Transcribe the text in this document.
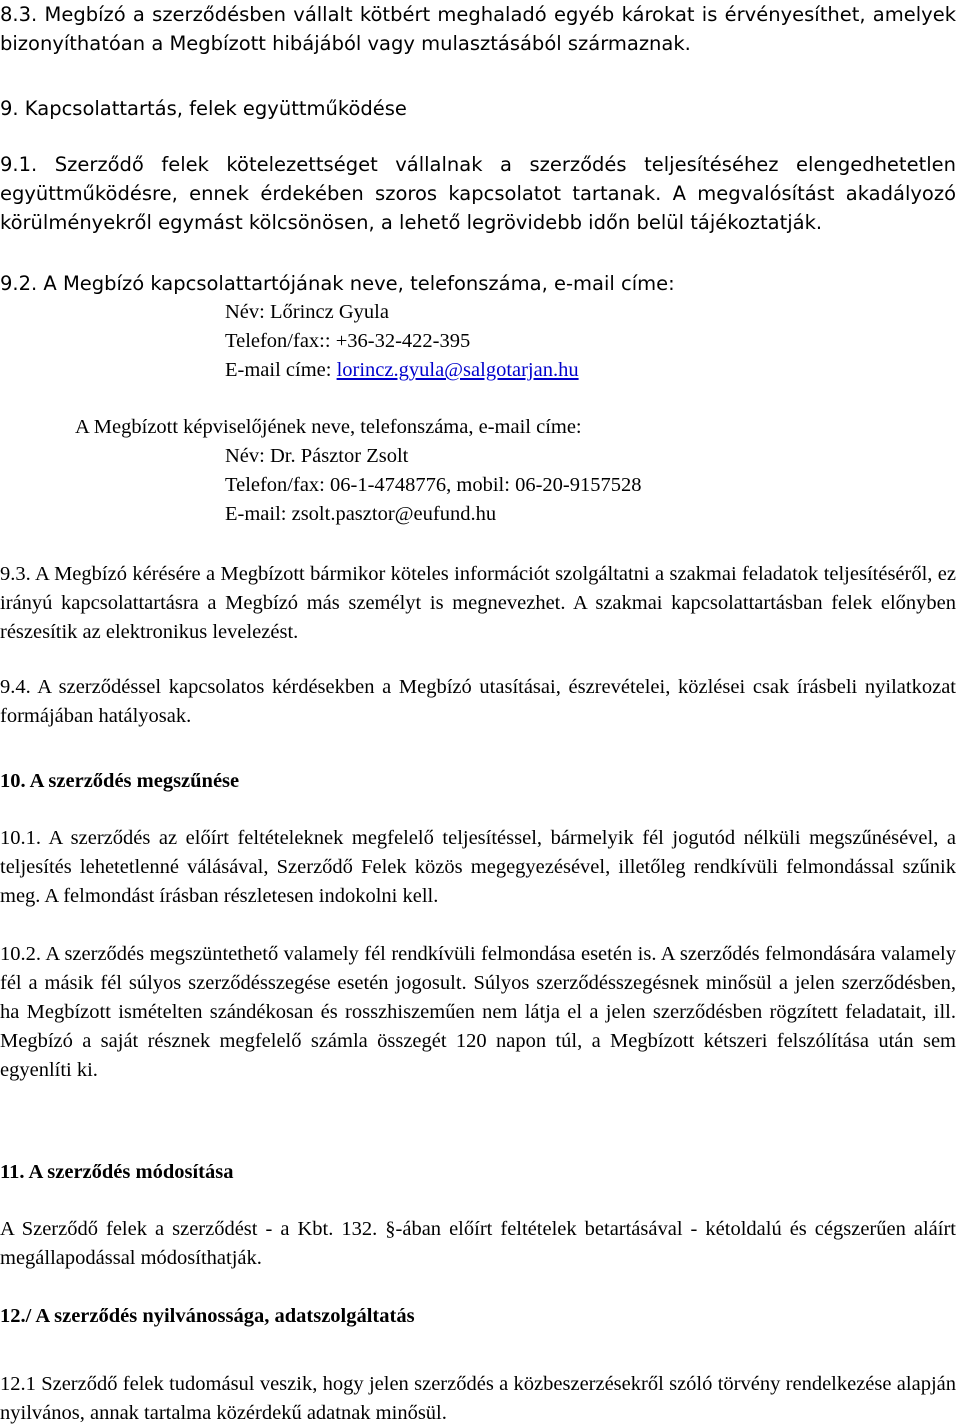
8.3. Megbízó a szerződésben vállalt kötbért meghaladó egyéb károkat is érvényesíthet, amelyek bizonyíthatóan a Megbízott hibájából vagy mulasztásából származnak.

9. Kapcsolattartás, felek együttműködése

9.1. Szerződő felek kötelezettséget vállalnak a szerződés teljesítéséhez elengedhetetlen együttműködésre, ennek érdekében szoros kapcsolatot tartanak. A megvalósítást akadályozó körülményekről egymást kölcsönösen, a lehető legrövidebb időn belül tájékoztatják.

9.2. A Megbízó kapcsolattartójának neve, telefonszáma, e-mail címe:

Név: Lőrincz Gyula

Telefon/fax:: +36-32-422-395

E-mail címe: lorincz.gyula@salgotarjan.hu

A Megbízott képviselőjének neve, telefonszáma, e-mail címe:

Név: Dr. Pásztor Zsolt

Telefon/fax: 06-1-4748776, mobil: 06-20-9157528

E-mail: zsolt.pasztor@eufund.hu

9.3. A Megbízó kérésére a Megbízott bármikor köteles információt szolgáltatni a szakmai feladatok teljesítéséről, ez irányú kapcsolattartásra a Megbízó más személyt is megnevezhet. A szakmai kapcsolattartásban felek előnyben részesítik az elektronikus levelezést.

9.4. A szerződéssel kapcsolatos kérdésekben a Megbízó utasításai, észrevételei, közlései csak írásbeli nyilatkozat formájában hatályosak.

10. A szerződés megszűnése

10.1. A szerződés az előírt feltételeknek megfelelő teljesítéssel, bármelyik fél jogutód nélküli megszűnésével, a teljesítés lehetetlenné válásával, Szerződő Felek közös megegyezésével, illetőleg rendkívüli felmondással szűnik meg. A felmondást írásban részletesen indokolni kell.

10.2. A szerződés megszüntethető valamely fél rendkívüli felmondása esetén is. A szerződés felmondására valamely fél a másik fél súlyos szerződésszegése esetén jogosult. Súlyos szerződésszegésnek minősül a jelen szerződésben, ha Megbízott ismételten szándékosan és rosszhiszeműen nem látja el a jelen szerződésben rögzített feladatait, ill. Megbízó a saját résznek megfelelő számla összegét 120 napon túl, a Megbízott kétszeri felszólítása után sem egyenlíti ki.

11. A szerződés módosítása

A Szerződő felek a szerződést - a Kbt. 132. §-ában előírt feltételek betartásával - kétoldalú és cégszerűen aláírt megállapodással módosíthatják.

12./ A szerződés nyilvánossága, adatszolgáltatás

12.1 Szerződő felek tudomásul veszik, hogy jelen szerződés a közbeszerzésekről szóló törvény rendelkezése alapján nyilvános, annak tartalma közérdekű adatnak minősül.
